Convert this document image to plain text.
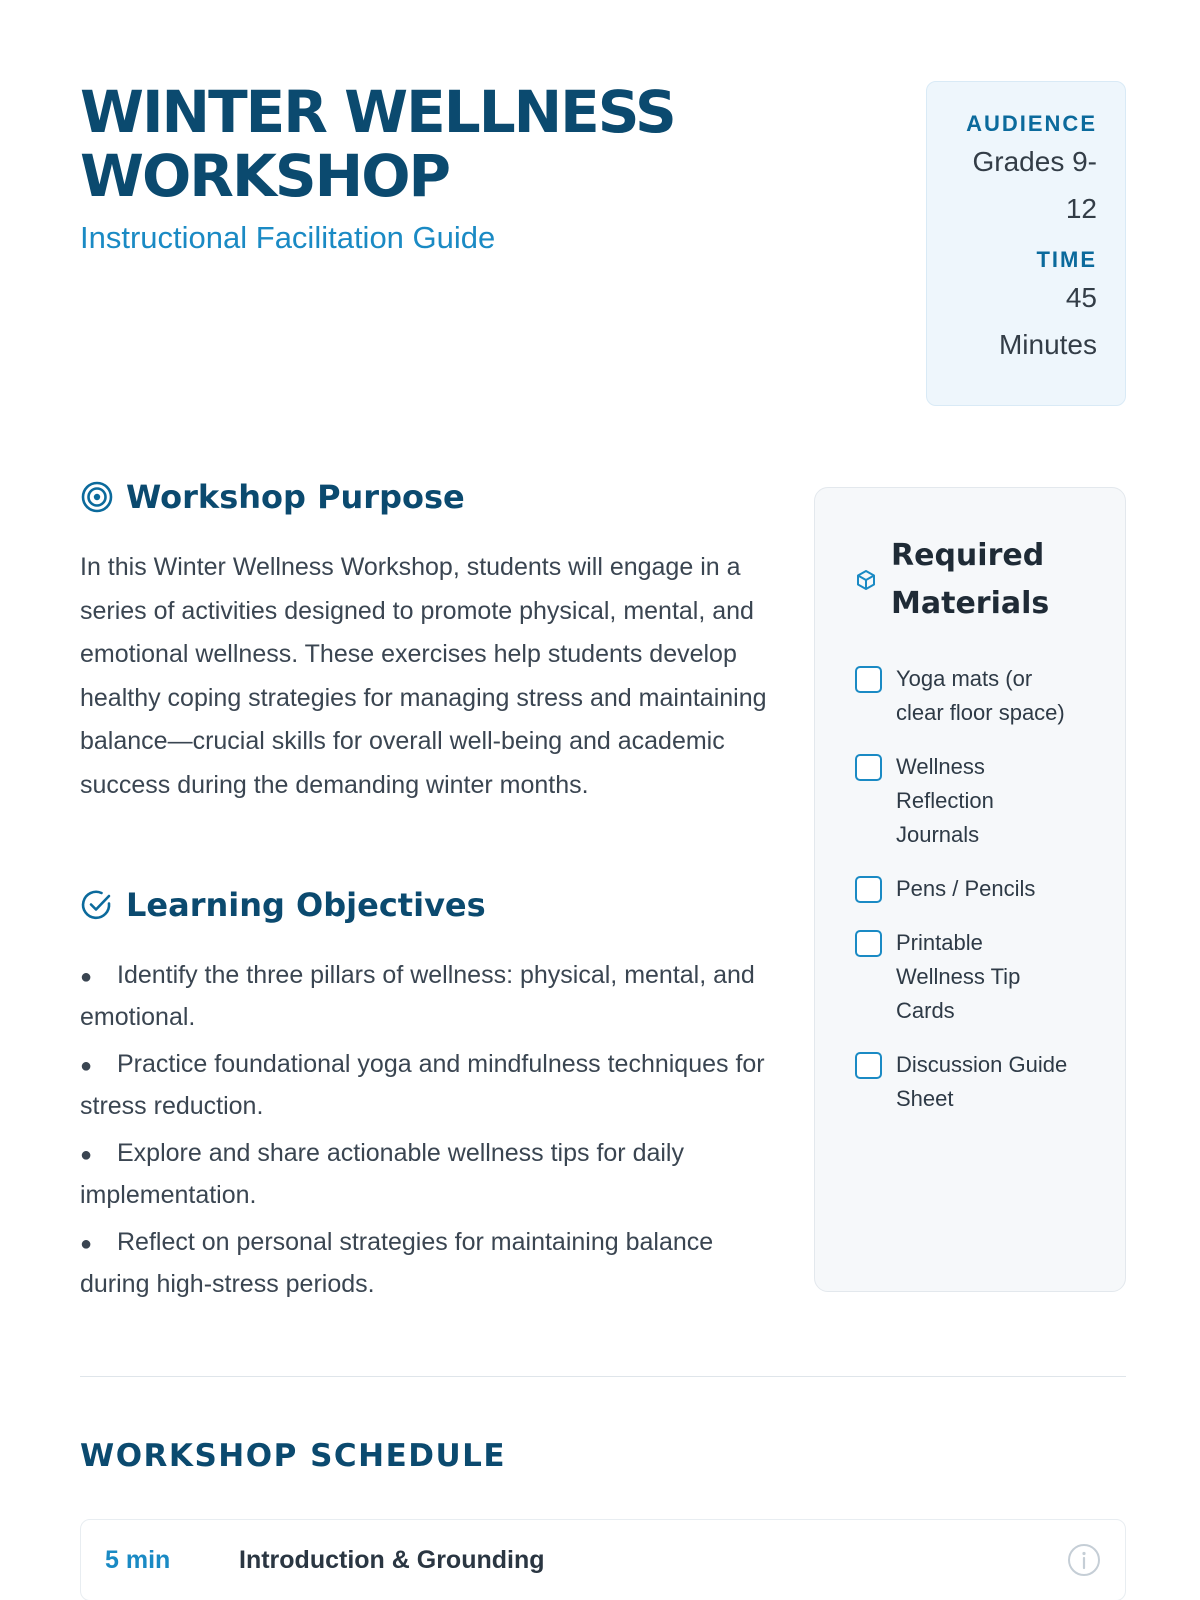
WINTER WELLNESS WORKSHOP
Instructional Facilitation Guide
AUDIENCE
Grades 9-12
TIME
45 Minutes
Workshop Purpose

In this Winter Wellness Workshop, students will engage in a series of activities designed to promote physical, mental, and emotional wellness. These exercises help students develop healthy coping strategies for managing stress and maintaining balance—crucial skills for overall well-being and academic success during the demanding winter months.

Learning Objectives
● Identify the three pillars of wellness: physical, mental, and emotional.
● Practice foundational yoga and mindfulness techniques for stress reduction.
● Explore and share actionable wellness tips for daily implementation.
● Reflect on personal strategies for maintaining balance during high-stress periods.
Required Materials
Yoga mats (or clear floor space)
Wellness Reflection Journals
Pens / Pencils
Printable Wellness Tip Cards
Discussion Guide Sheet
WORKSHOP SCHEDULE
5 min	Introduction & Grounding
